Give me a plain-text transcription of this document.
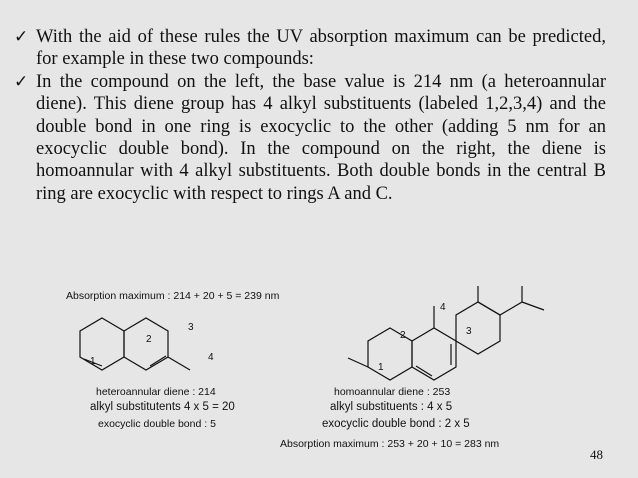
✓ With the aid of these rules the UV absorption maximum can be predicted, for example in these two compounds:
✓ In the compound on the left, the base value is 214 nm (a heteroannular diene). This diene group has 4 alkyl substituents (labeled 1,2,3,4) and the double bond in one ring is exocyclic to the other (adding 5 nm for an exocyclic double bond). In the compound on the right, the diene is homoannular with 4 alkyl substituents. Both double bonds in the central B ring are exocyclic with respect to rings A and C.
Absorption maximum : 214 + 20 + 5 = 239 nm
1
2
3
4
heteroannular diene : 214
alkyl substitutents 4 x 5 = 20
exocyclic double bond : 5
2
4
3
1
homoannular diene : 253
alkyl substituents : 4 x 5
exocyclic double bond : 2 x 5
Absorption maximum : 253 + 20 + 10 = 283 nm
48
